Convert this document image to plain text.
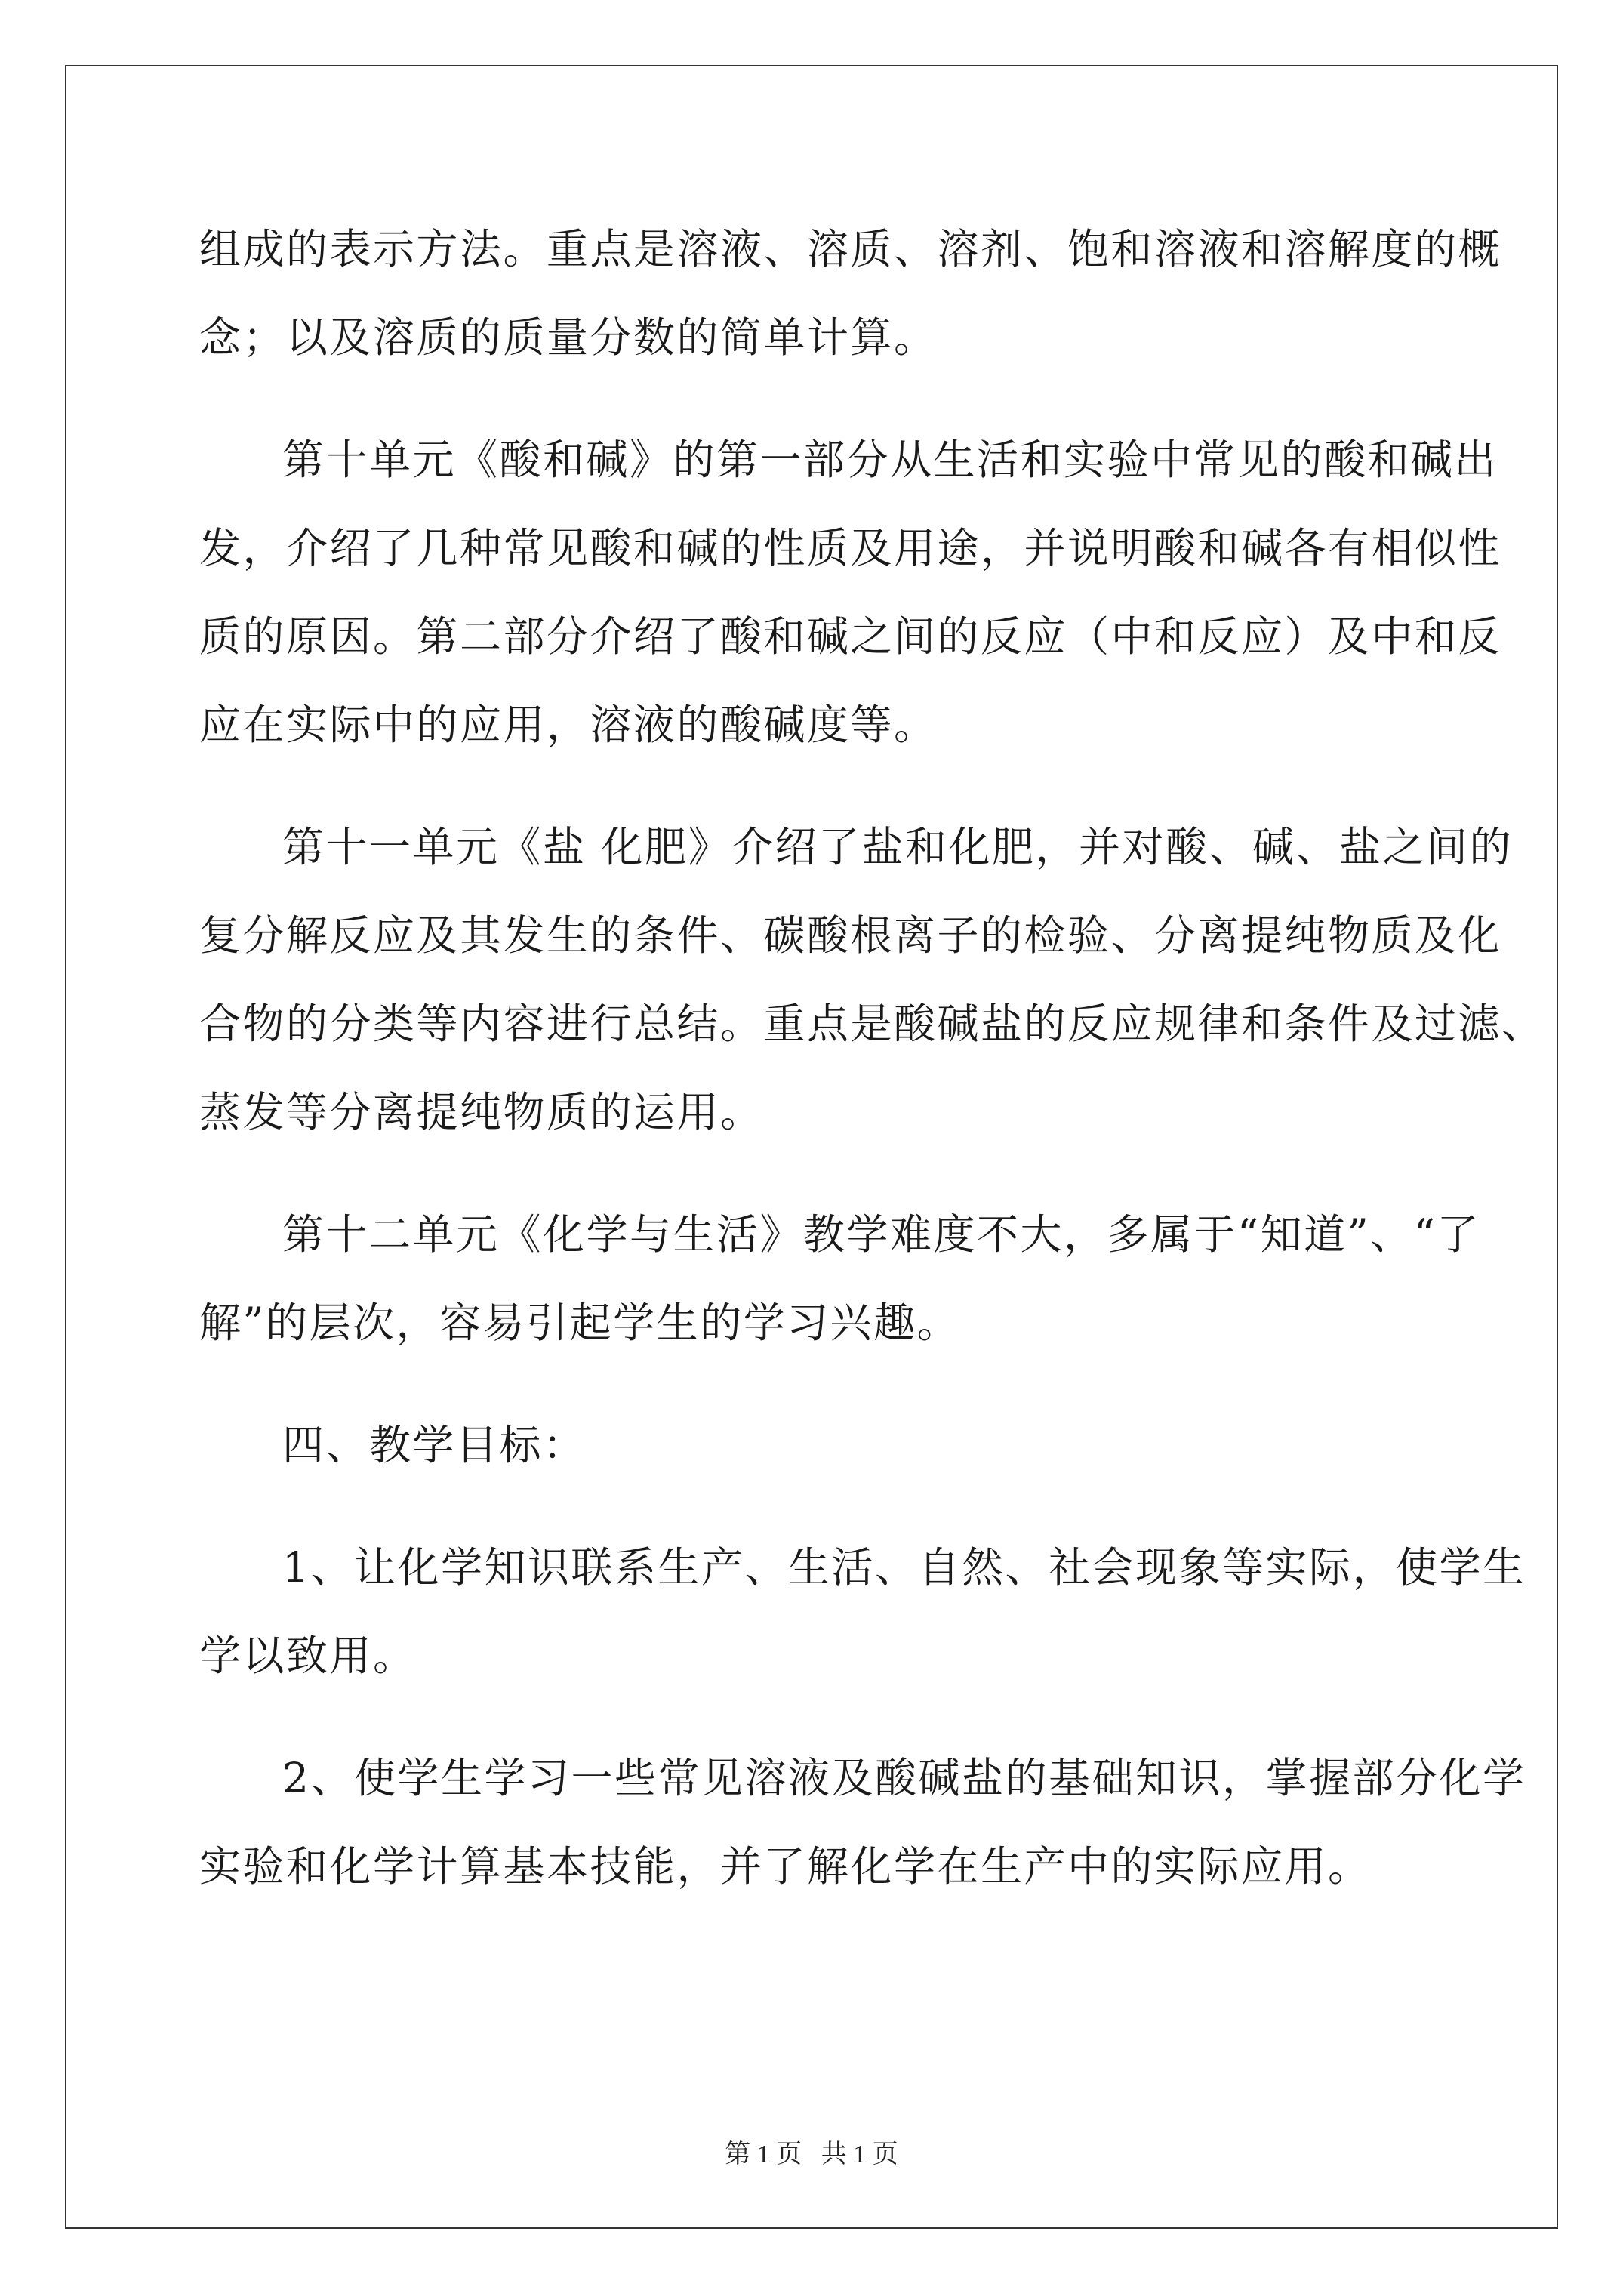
组成的表示方法。重点是溶液、溶质、溶剂、饱和溶液和溶解度的概
念；以及溶质的质量分数的简单计算。
第十单元《酸和碱》的第一部分从生活和实验中常见的酸和碱出
发，介绍了几种常见酸和碱的性质及用途，并说明酸和碱各有相似性
质的原因。第二部分介绍了酸和碱之间的反应（中和反应）及中和反
应在实际中的应用，溶液的酸碱度等。
第十一单元《盐 化肥》介绍了盐和化肥，并对酸、碱、盐之间的
复分解反应及其发生的条件、碳酸根离子的检验、分离提纯物质及化
合物的分类等内容进行总结。重点是酸碱盐的反应规律和条件及过滤、
蒸发等分离提纯物质的运用。
第十二单元《化学与生活》教学难度不大，多属于“知道”、“了
解”的层次，容易引起学生的学习兴趣。
四、教学目标：
1、让化学知识联系生产、生活、自然、社会现象等实际，使学生
学以致用。
2、使学生学习一些常见溶液及酸碱盐的基础知识，掌握部分化学
实验和化学计算基本技能，并了解化学在生产中的实际应用。
第 1 页   共 1 页
